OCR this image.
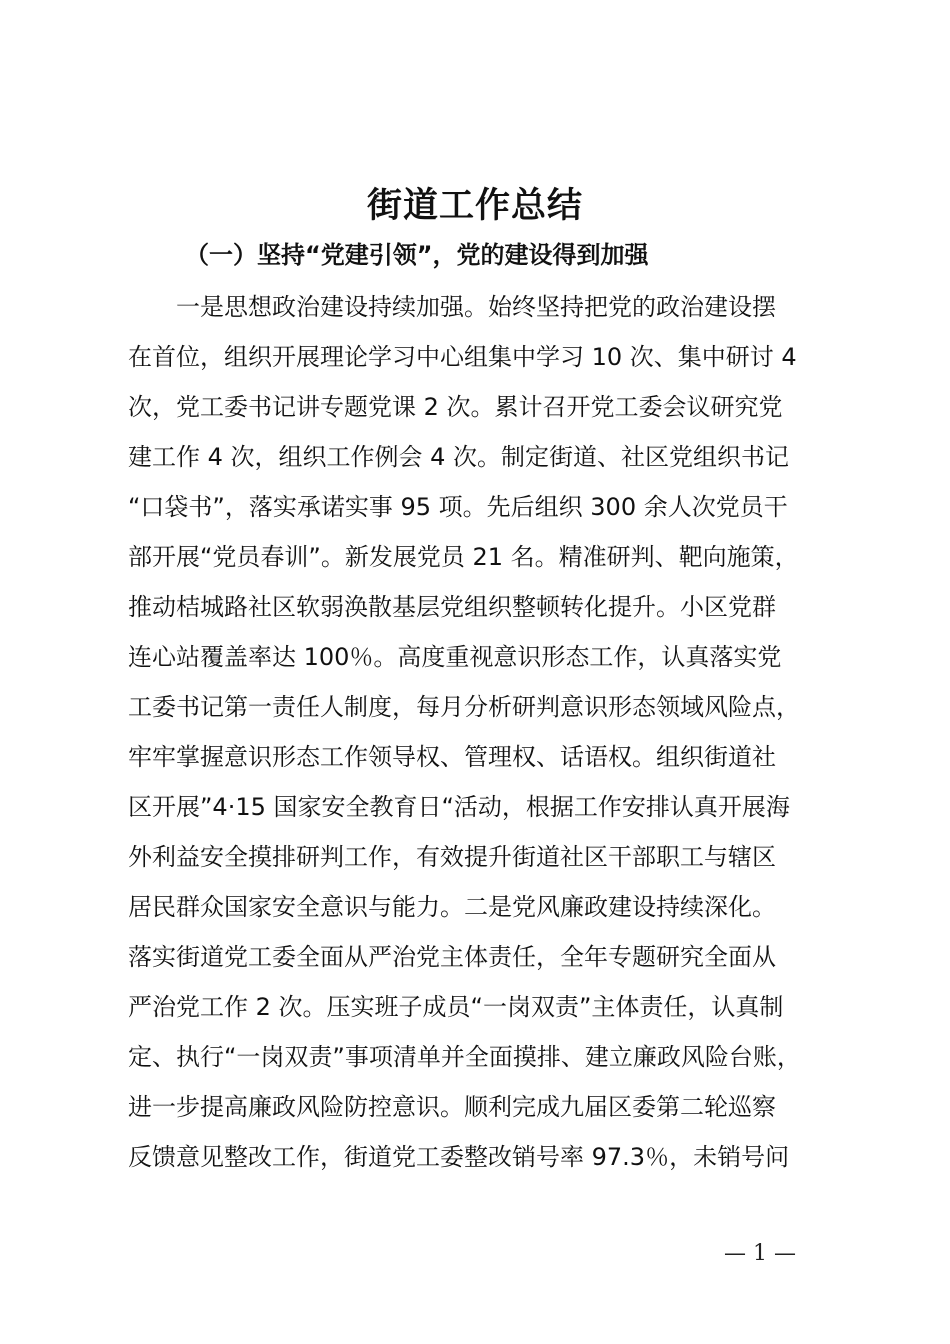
街道工作总结
（一）坚持“党建引领”，党的建设得到加强
一是思想政治建设持续加强。始终坚持把党的政治建设摆
在首位，组织开展理论学习中心组集中学习 10 次、集中研讨 4
次，党工委书记讲专题党课 2 次。累计召开党工委会议研究党
建工作 4 次，组织工作例会 4 次。制定街道、社区党组织书记
“口袋书”，落实承诺实事 95 项。先后组织 300 余人次党员干
部开展“党员春训”。新发展党员 21 名。精准研判、靶向施策，
推动桔城路社区软弱涣散基层党组织整顿转化提升。小区党群
连心站覆盖率达 100％。高度重视意识形态工作，认真落实党
工委书记第一责任人制度，每月分析研判意识形态领域风险点，
牢牢掌握意识形态工作领导权、管理权、话语权。组织街道社
区开展”4·15 国家安全教育日“活动，根据工作安排认真开展海
外利益安全摸排研判工作，有效提升街道社区干部职工与辖区
居民群众国家安全意识与能力。二是党风廉政建设持续深化。
落实街道党工委全面从严治党主体责任，全年专题研究全面从
严治党工作 2 次。压实班子成员“一岗双责”主体责任，认真制
定、执行“一岗双责”事项清单并全面摸排、建立廉政风险台账，
进一步提高廉政风险防控意识。顺利完成九届区委第二轮巡察
反馈意见整改工作，街道党工委整改销号率 97.3％，未销号问
— 1 —
